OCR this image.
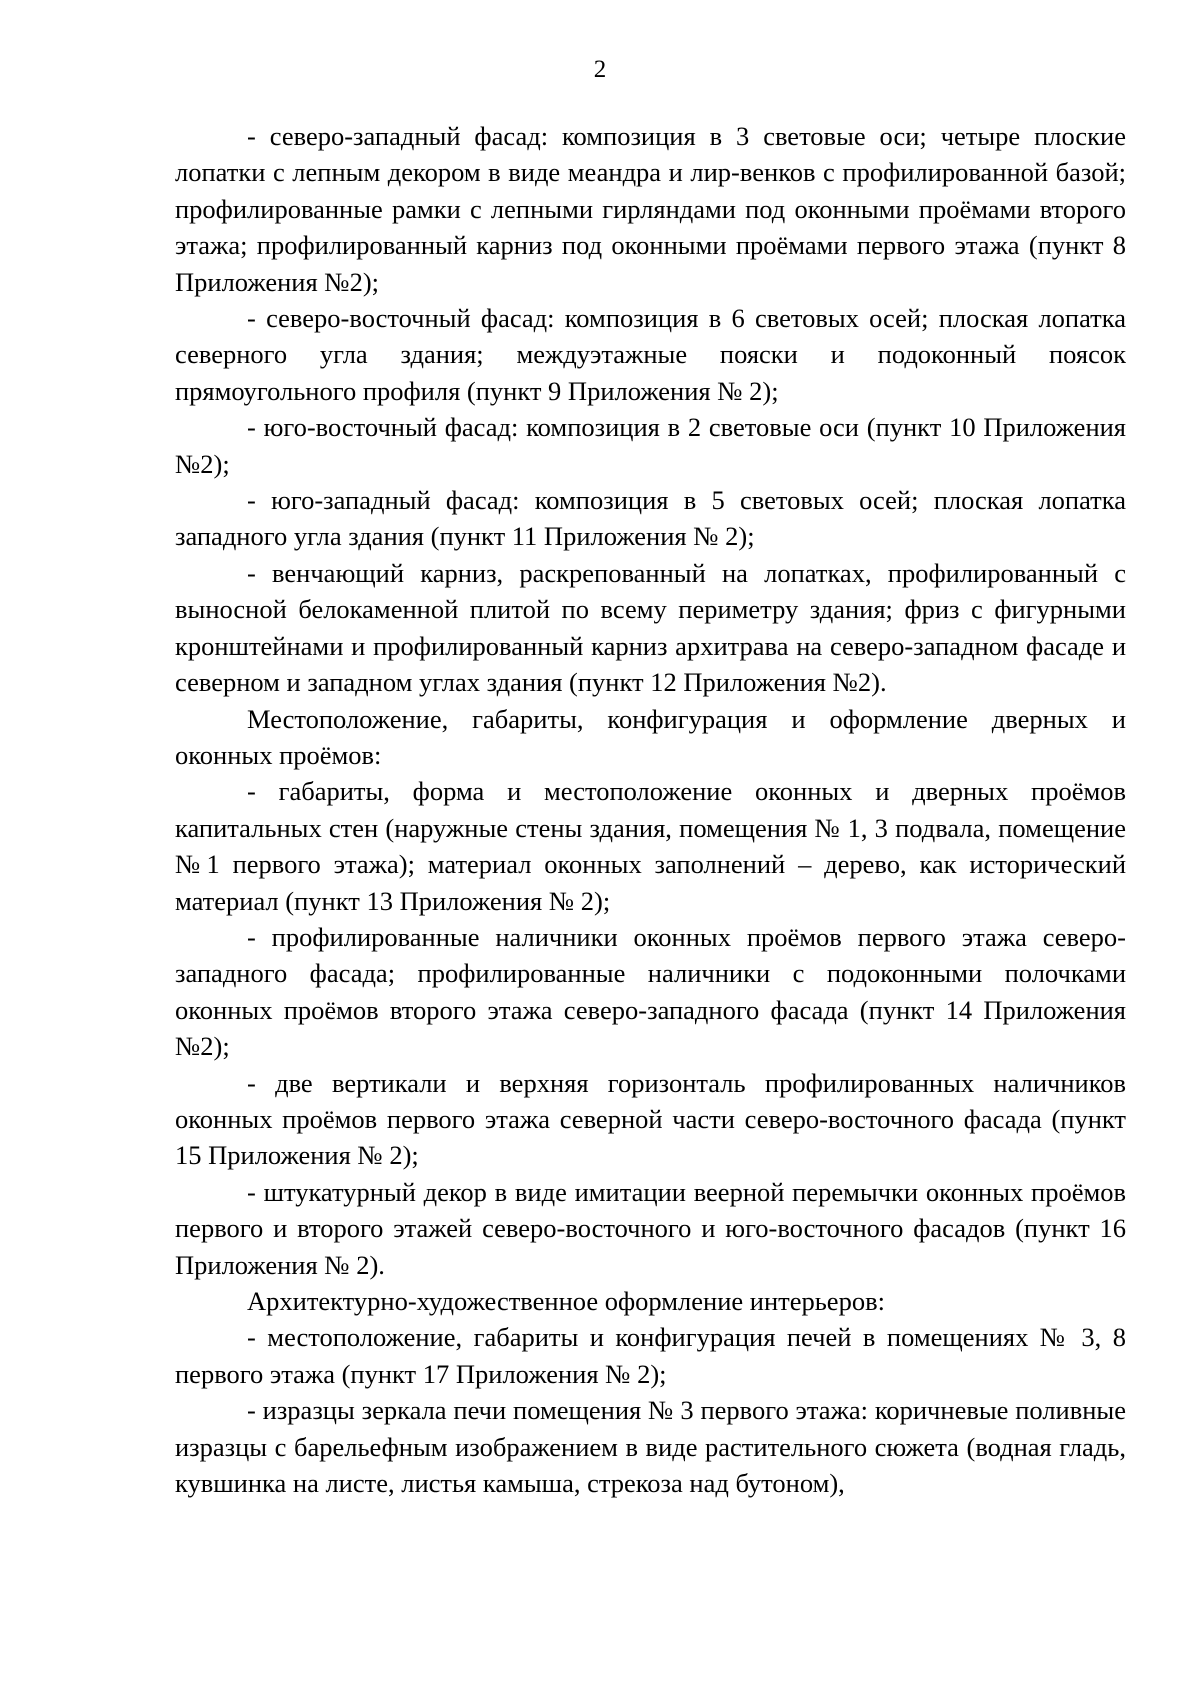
2

- северо-западный фасад: композиция в 3 световые оси; четыре плоские лопатки с лепным декором в виде меандра и лир-венков с профилированной базой; профилированные рамки с лепными гирляндами под оконными проёмами второго этажа; профилированный карниз под оконными проёмами первого этажа (пункт 8 Приложения №2);

- северо-восточный фасад: композиция в 6 световых осей; плоская лопатка северного угла здания; междуэтажные пояски и подоконный поясок прямоугольного профиля (пункт 9 Приложения № 2);

- юго-восточный фасад: композиция в 2 световые оси (пункт 10 Приложения №2);

- юго-западный фасад: композиция в 5 световых осей; плоская лопатка западного угла здания (пункт 11 Приложения № 2);

- венчающий карниз, раскрепованный на лопатках, профилированный с выносной белокаменной плитой по всему периметру здания; фриз с фигурными кронштейнами и профилированный карниз архитрава на северо-западном фасаде и северном и западном углах здания (пункт 12 Приложения №2).

Местоположение, габариты, конфигурация и оформление дверных и оконных проёмов:

- габариты, форма и местоположение оконных и дверных проёмов капитальных стен (наружные стены здания, помещения № 1, 3 подвала, помещение №1 первого этажа); материал оконных заполнений – дерево, как исторический материал (пункт 13 Приложения № 2);

- профилированные наличники оконных проёмов первого этажа северо-западного фасада; профилированные наличники с подоконными полочками оконных проёмов второго этажа северо-западного фасада (пункт 14 Приложения №2);

- две вертикали и верхняя горизонталь профилированных наличников оконных проёмов первого этажа северной части северо-восточного фасада (пункт 15 Приложения № 2);

- штукатурный декор в виде имитации веерной перемычки оконных проёмов первого и второго этажей северо-восточного и юго-восточного фасадов (пункт 16 Приложения № 2).

Архитектурно-художественное оформление интерьеров:

- местоположение, габариты и конфигурация печей в помещениях № 3, 8 первого этажа (пункт 17 Приложения № 2);

- изразцы зеркала печи помещения № 3 первого этажа: коричневые поливные изразцы с барельефным изображением в виде растительного сюжета (водная гладь, кувшинка на листе, листья камыша, стрекоза над бутоном),
